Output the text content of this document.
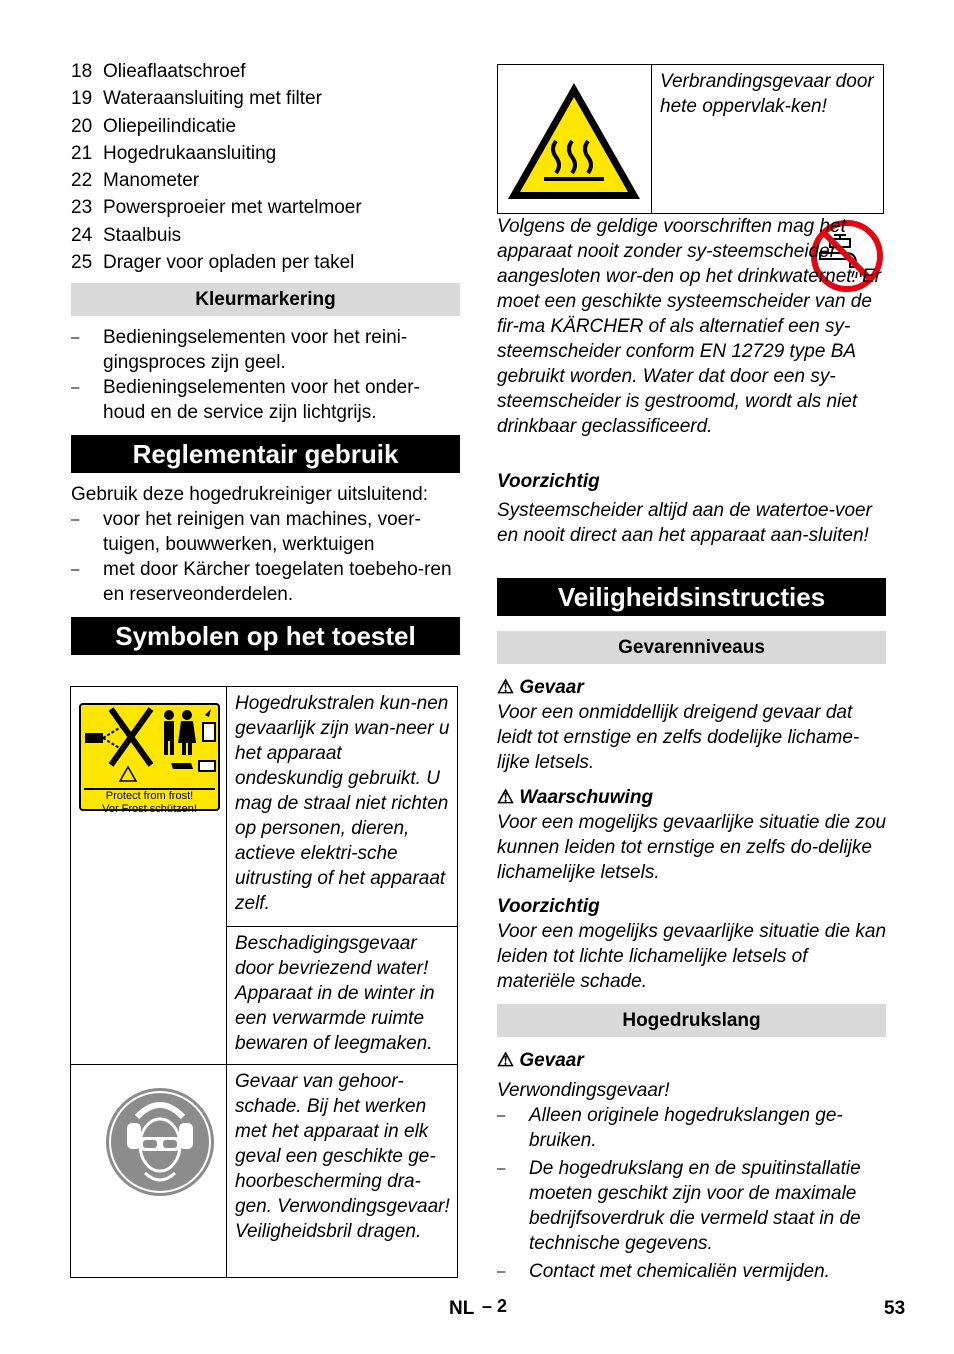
18 Olieaflaatschroef
19 Wateraansluiting met filter
20 Oliepeilindicatie
21 Hogedrukaansluiting
22 Manometer
23 Powersproeier met wartelmoer
24 Staalbuis
25 Drager voor opladen per takel
Kleurmarkering
–	Bedieningselementen voor het reini-gingsproces zijn geel.
–	Bedieningselementen voor het onder-houd en de service zijn lichtgrijs.
Reglementair gebruik
Gebruik deze hogedrukreiniger uitsluitend:
–	voor het reinigen van machines, voer-tuigen, bouwwerken, werktuigen
–	met door Kärcher toegelaten toebeho-ren en reserveonderdelen.
Symbolen op het toestel
Protect from frost!
Vor Frost schützen!
Hogedrukstralen kun-nen gevaarlijk zijn wan-neer u het apparaat ondeskundig gebruikt. U mag de straal niet richten op personen, dieren, actieve elektri-sche uitrusting of het apparaat zelf.
Beschadigingsgevaar door bevriezend water! Apparaat in de winter in een verwarmde ruimte bewaren of leegmaken.
Gevaar van gehoor-schade. Bij het werken met het apparaat in elk geval een geschikte ge-hoorbescherming dra-gen. Verwondingsgevaar! Veiligheidsbril dragen.
Verbrandingsgevaar door hete oppervlak-ken!
Volgens de geldige voorschriften mag het apparaat nooit zonder sy-steemscheider aangesloten wor-den op het drinkwaternet. Er moet een geschikte systeemscheider van de fir-ma KÄRCHER of als alternatief een sy-steemscheider conform EN 12729 type BA gebruikt worden. Water dat door een sy-steemscheider is gestroomd, wordt als niet drinkbaar geclassificeerd.
Voorzichtig
Systeemscheider altijd aan de watertoe-voer en nooit direct aan het apparaat aan-sluiten!
Veiligheidsinstructies
Gevarenniveaus
⚠ Gevaar
Voor een onmiddellijk dreigend gevaar dat leidt tot ernstige en zelfs dodelijke lichame-lijke letsels.
⚠ Waarschuwing
Voor een mogelijks gevaarlijke situatie die zou kunnen leiden tot ernstige en zelfs do-delijke lichamelijke letsels.
Voorzichtig
Voor een mogelijks gevaarlijke situatie die kan leiden tot lichte lichamelijke letsels of materiële schade.
Hogedrukslang
⚠ Gevaar
Verwondingsgevaar!
–	Alleen originele hogedrukslangen ge-bruiken.
–	De hogedrukslang en de spuitinstallatie moeten geschikt zijn voor de maximale bedrijfsoverdruk die vermeld staat in de technische gegevens.
–	Contact met chemicaliën vermijden.
NL – 2	53
